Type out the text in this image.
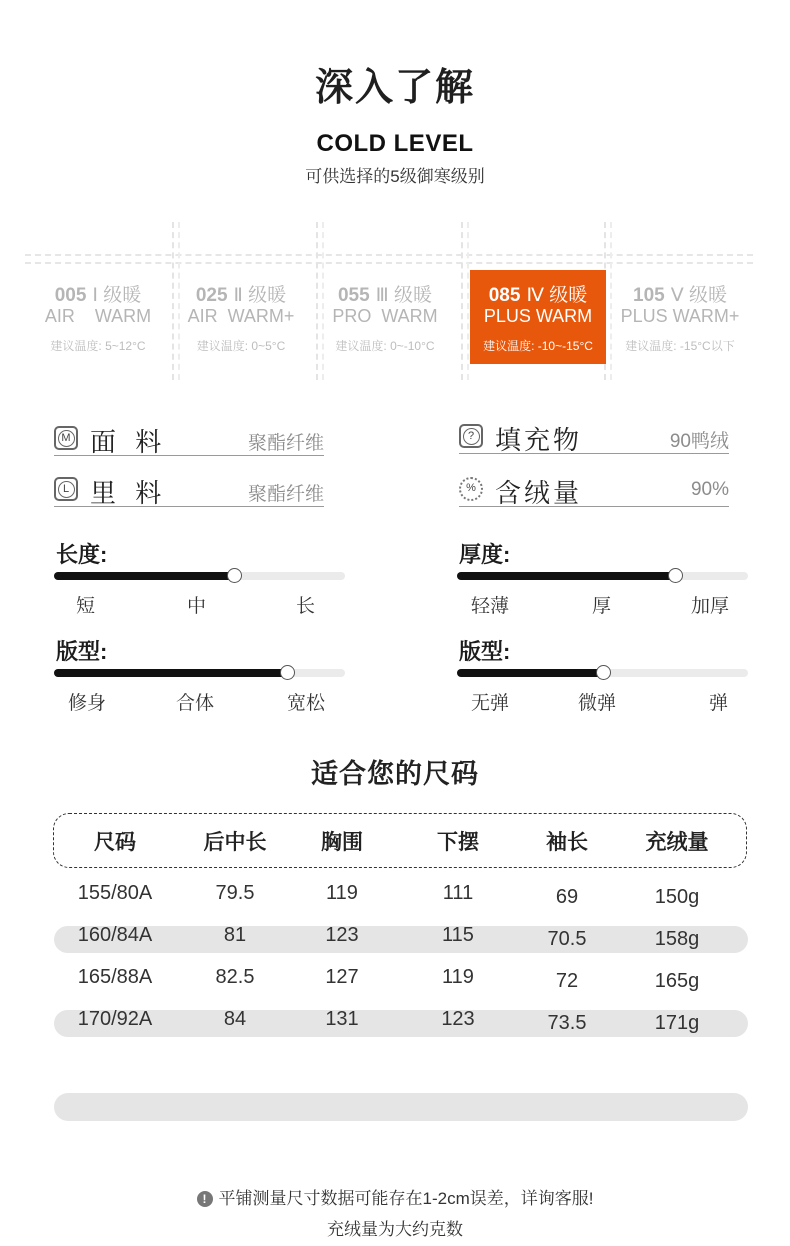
深入了解
COLD LEVEL
可供选择的5级御寒级别
005 Ⅰ 级暖
AIR    WARM
建议温度: 5~12°C
025 Ⅱ 级暖
AIR  WARM+
建议温度: 0~5°C
055 Ⅲ 级暖
PRO  WARM
建议温度: 0~-10°C
085 Ⅳ 级暖
PLUS WARM
建议温度: -10~-15°C
105 Ⅴ 级暖
PLUS WARM+
建议温度: -15°C以下
M 面 料	聚酯纤维
L 里 料	聚酯纤维
? 填充物	90鸭绒
% 含绒量	90%
长度:
短	中	长
厚度:
轻薄	厚	加厚
版型:
修身	合体	宽松
版型:
无弹	微弹	弹
适合您的尺码
尺码	后中长	胸围	下摆	袖长	充绒量
155/80A	79.5	119	111	69	150g
160/84A	81	123	115	70.5	158g
165/88A	82.5	127	119	72	165g
170/92A	84	131	123	73.5	171g
! 平铺测量尺寸数据可能存在1-2cm误差，详询客服!
充绒量为大约克数
